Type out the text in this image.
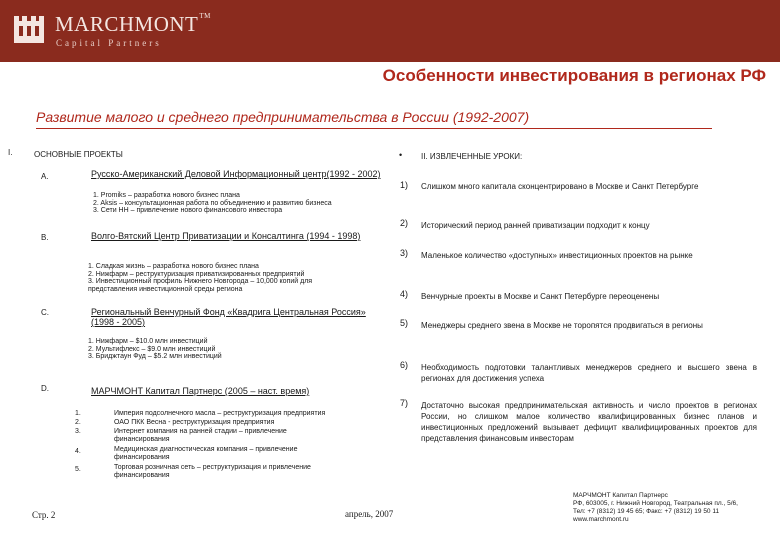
MARCHMONT™
Capital Partners
Особенности инвестирования в регионах РФ
Развитие малого и среднего предпринимательства в России (1992-2007)
I.	ОСНОВНЫЕ ПРОЕКТЫ
A.	Русско-Американский Деловой Информационный центр(1992 - 2002)
1. Promiks – разработка нового бизнес плана
2. Aksis – консультационная работа по объединению и развитию бизнеса
3. Сети НН – привлечение нового финансового инвестора
B.	Волго-Вятский Центр Приватизации и Консалтинга (1994 - 1998)
1. Сладкая жизнь – разработка нового бизнес плана
2. Нижфарм – реструктуризация приватизированных предприятий
3. Инвестиционный профиль Нижнего Новгорода – 10,000 копий для представления инвестиционной среды региона
C.	Региональный Венчурный Фонд «Квадрига Центральная Россия» (1998 - 2005)
1. Нижфарм – $10.0 млн инвестиций
2. Мультифлекс – $9.0 млн инвестиций
3. Бриджтаун Фуд – $5.2 млн инвестиций
D.	МАРЧМОНТ Капитал Партнерс (2005 – наст. время)
1.	Империя подсолнечного масла – реструктуризация предприятия
2.	ОАО ПКК Весна - реструктуризация предприятия
3.	Интернет компания на ранней стадии – привлечение финансирования
4.	Медицинская диагностическая компания – привлечение финансирования
5.	Торговая розничная сеть – реструктуризация и привлечение финансирования
• II. ИЗВЛЕЧЕННЫЕ УРОКИ:
1) Слишком много капитала сконцентрировано в Москве и Санкт Петербурге
2) Исторический период ранней приватизации подходит к концу
3) Маленькое количество «доступных» инвестиционных проектов на рынке
4) Венчурные проекты в Москве и Санкт Петербурге переоценены
5) Менеджеры среднего звена в Москве не торопятся продвигаться в регионы
6) Необходимость подготовки талантливых менеджеров среднего и высшего звена в регионах для достижения успеха
7) Достаточно высокая предпринимательская активность и число проектов в регионах России, но слишком малое количество квалифицированных бизнес планов и инвестиционных предложений вызывает дефицит квалифицированных проектов для представления финансовым инвесторам
Стр. 2	апрель, 2007
МАРЧМОНТ Капитал Партнерс
РФ, 603005, г. Нижний Новгород, Театральная пл., 5/6,
Тел: +7 (8312) 19 45 65; Факс: +7 (8312) 19 50 11
www.marchmont.ru
